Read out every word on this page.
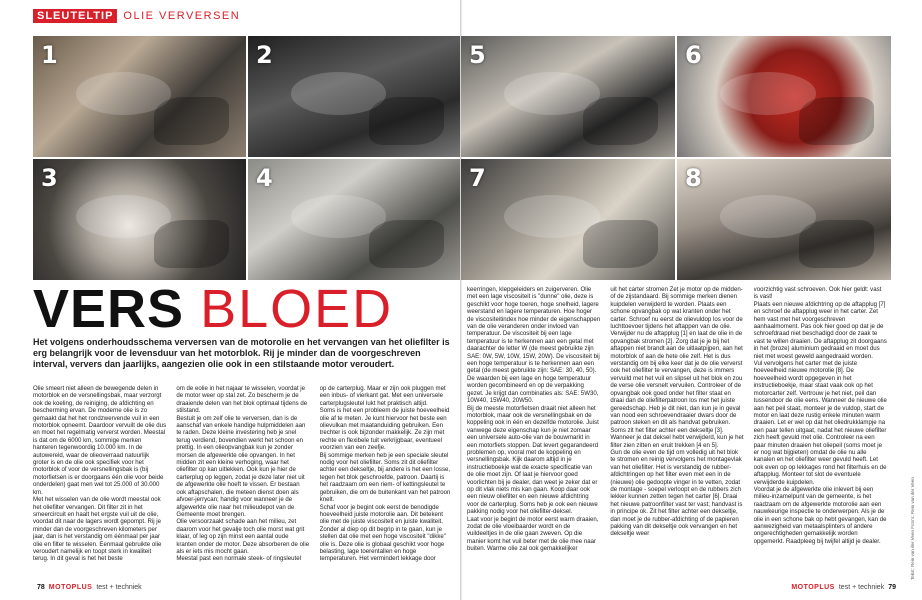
SLEUTELTIP OLIE VERVERSEN
1	2
3	4
VERS BLOED
Het volgens onderhoudsschema verversen van de motorolie en het vervangen van het oliefilter is erg belangrijk voor de levensduur van het motorblok. Rij je minder dan de voorgeschreven interval, ververs dan jaarlijks, aangezien olie ook in een stilstaande motor veroudert.

Olie smeert niet alleen de bewegende delen in motorblok en de versnellingsbak, maar verzorgt ook de koeling, de reiniging, de afdichting en bescherming ervan. De moderne olie is zo gemaakt dat het het rondzwervende vuil in een motorblok opneemt. Daardoor vervuilt de olie dus en moet het regelmatig ververst worden. Meestal is dat om de 6000 km, sommige merken hanteren tegenwoordig 10.000 km. In de autowereld, waar de olieoverraad natuurlijk groter is en de olie ook specifiek voor het motorblok of voor de versnellingsbak is (bij motorfietsen is er doorgaans één olie voor beide onderdelen) gaat men wel tot 25.000 of 30.000 km.

Met het wisselen van de olie wordt meestal ook het oliefilter vervangen. Dit filter zit in het smeercircuit en haalt het ergste vuil uit de olie, voordat dit naar de lagers wordt gepompt. Rij je minder dan de voorgeschreven kilometers per jaar, dan is het verstandig om éénmaal per jaar olie en filter te wisselen. Eenmaal gebruikte olie veroudert namelijk en toopt sterk in kwaliteit terug. In dit geval is het het beste

om de eolie in het najaar te wisselen, voordat je de motor weer op stal zet. Zo bescherm je de draaiende delen van het blok optimaal tijdens de stilstand.

Bestuit je om zelf olie te verversen, dan is de aanschaf van enkele handige hulpmiddelen aan te raden. Deze kleine investering heb je snel terug verdiend, bovendien werkt het schoon en prettig. In een olieopvangbak kun je zonder morsen de afgewerkte olie opvangen. In het midden zit een kleine verhoging, waar het oliefilter op kan uitlekken. Ook kun je hier de carterplug op leggen, zodat je deze later niet uit de afgewerkte olie hoeft te vissen. Er bestaan ook aftapschalen, die meteen dienst doen als afvoer-jerrycan; handig voor wanneer je de afgewerkte olie naar het milieudepot van de Gemeente moet brengen.

Olie versoorzaakt schade aan het milieu, zet daarom voor het gevalje toch olie morst wat grit klaar, of leg op zijn minst een aantal oude kranten onder de motor. Deze absorberen de olie als er iets mis mocht gaan.

Meestal past een normale steek- of ringsleutel

op de carterplug. Maar er zijn ook pluggen met een inbus- of vierkant gat. Met een universele carterplugsleutel lukt het praktisch altijd.

Soms is het een probleem de juiste hoeveelheid olie af te meten. Je kunt hiervoor het beste een olievulkan met maatanduiding gebruiken. Een trechter is ook bijzonder makkelijk. Ze zijn met rechte en flexibele tuit verkrijgbaar, eventueel voorzien van een zeefje.

Bij sommige merken heb je een speciale sleutel nodig voor het oliefilter. Soms zit dit oliefilter achter een dekseltje, bij andere is het een losse, tegen het blok geschroefde, patroon. Daartij is het raadzaam om een riem- of kettingsleutel te gebruiken, die om de buitenkant van het patroon knelt.

Schaf voor je begint ook eerst de benodigde hoeveelheid juiste motorolie aan. Dit betekent olie met de juiste viscositeit en juiste kwaliteit.

Zonder al diep op dit begrip in te gaan, kun je stellen dat olie met een hoge viscositeit "dikke" olie is. Deze olie is globaal geschikt voor hoge belasting, lage toerentallen en hoge temperaturen. Het vermindert lekkage door

78 MOTOPLUS test + techniek
5	6
7	8

keerringen, klepgeleiders en zuigerveren. Olie met een lage viscositeit is "dunne" olie, deze is geschikt voor hoge toeren, hoge snelheid, lagere weerstand en lagere temperaturen. Hoe hoger de viscositeitindex hoe minder de eigenschappen van de olie veranderen onder invloed van temperatuur. De viscositeit bij een lage temperatuur is te herkennen aan een getal met daarachter de letter W (de meest gebruikte zijn SAE: 0W, 5W, 10W, 15W, 20W). De viscositeit bij een hoge temperatuur is te herkennen aan een getal (de meest gebruikte zijn: SAE: 30, 40, 50). De waarden bij een lage en hoge temperatuur worden gecombineerd en op de verpakking gezet. Je krijgt dan combinaties als: SAE: 5W30, 10W40, 15W40, 20W50.

Bij de meeste motorfietsen draait niet alleen het motorblok, maar ook de versnellingsbak en de koppeling ook in één en dezelfde motorolie. Juist vanwege deze eigenschap kun je niet zomaar een universele auto-olie van de bouwmarkt in een motorfiets stoppen. Dat levert gegarandeerd problemen op, vooral met de koppeling en versnellingsbak. Kijk daarom altijd in je instructieboekje wat de exacte specificatie van de olie moet zijn. Of laat je hiervoor goed voorlichten bij je dealer, dan weet je zeker dat er op dit vlak niets mis kan gaan. Koop daar ook een nieuw oliefilter en een nieuwe afdichtring voor de carterplug. Soms heb je ook een nieuwe pakking nodig voor het oliefilter-deksel.

Laat voor je begint de motor eerst warm draaien, zodat de olie vloeibaarder wordt en de vuildeeltjes in de olie gaan zweven. Op die manier komt het vuil beter met de olie mee naar buiten. Warme olie zal ook gemakkelijker

uit het carter stromen Zet je motor op de midden- of de zijstandaard. Bij sommige merken dienen kuipdelen verwijderd te worden. Plaats een schone opvangbak op wat kranten onder het carter. Schroef nu eerst de olievuldop los voor de luchttoevoer tijdens het aftappen van de olie.

Verwijder nu de aftapplug [1] en laat de olie in de opvangbak stromen [2]. Zorg dat je je bij het aftappen niet brandt aan de uitlaatpijpen, aan het motorblok of aan de hete olie zelf. Het is dus verstandig om bij elke keer dat je de olie ververst ook het oliefilter te vervangen, deze is immers vervuild met het vuil en slipsel uit het blok en zou de verse olie versnelt vervuilen. Controleer of de opvangbak ook goed onder het filter staat en draai dan de oliefilterpatroon los met het juiste gereedschap. Heb je dit niet, dan kun je in geval van nood een schroevendraaier dwars door de patroon steken en dit als handvat gebruiken.

Soms zit het filter achter een dekseltje [3]. Wanneer je dat deksel hebt verwijderd, kun je het filter zien zitten en eruit trekken [4 en 5].

Gun de olie even de tijd om volledig uit het blok te stromen en reinig vervolgens het montagevlak van het oliefilter. Het is verstandig de rubber-afdichtringen op het filter even met een in de (nieuwe) olie gedoopte vinger in te vetten, zodat de montage - soepel verloopt en de rubbers zich lekker kunnen zetten tegen het carter [6]. Draai het nieuwe patroonfilter vast ter vast; handvast is in principe ok. Zit het filter achter een dekseltje, dan moet je de rubber-afdichting of de papieren pakking van dit dekseltje ook vervangen en het dekseltje weer

voorzichtig vast schroeven. Ook hier geldt: vast is vast!

Plaats een nieuwe afdichtring op de aftapplug [7] en schroef de aftapplug weer in het carter. Zet hem vast met het voorgeschreven aanhaalmoment. Pas ook hier goed op dat je de schroefdraad niet beschadigd door de zaak te vast te willen draaien. De aftapplug zit doorgaans in het (broze) aluminium gedraaid en moet dus niet met woest geweld aangedraaid worden.

Vul vervolgens het carter met de juiste hoeveelheid nieuwe motorolie [8]. De hoeveelheid wordt opgegeven in het instructieboekje, maar staat vaak ook op het motorcarter zelf. Vertrouw je het niet, peil dan tussendoor de olie eens. Wanneer de nieuwe olie aan het peil staat, monteer je de vuldop, start de motor en laat deze rustig enkele minuten warm draaien. Let er wel op dat het oliedrukklampje na een paar tellen uitgaat, nadat het nieuwe oliefilter zich heeft gevuld met olie. Controleer na een paar minuten draaien het oliepeil (soms moet je er nog wat bijgieten) omdat de olie nu alle kanalen en het oliefilter weer gevuld heeft. Let ook even op op lekkages rond het filterhuis en de aftapplug. Monteer tot slot de eventuele verwijderde kuipdelen.

Voordat je de afgewerkte olie inlevert bij een milieu-inzamelpunt van de gemeente, is het raadzaam om de afgewerkte motorolie aan een nauwkeurige inspectie te onderwerpen. Als je de olie in een schone bak op hebt gevangen, kan de aanwezigheid van metaalsplinters of andere ongerechtigheden gemakkelijk worden opgemerkt. Raadpleeg bij twijfel altijd je dealer.	Tekst: Rein van der Veen Foto's: Rein van der Veen
MOTOPLUS test + techniek 79
